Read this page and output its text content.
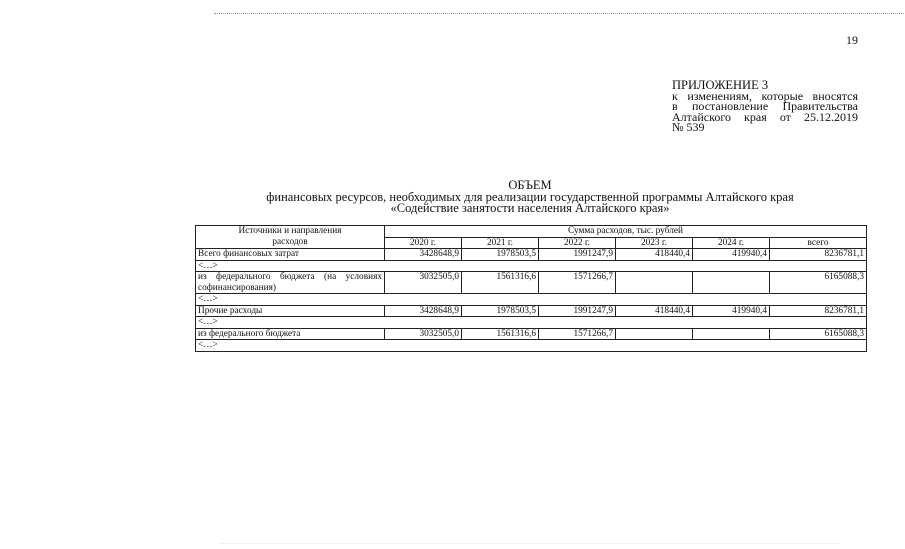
19
ПРИЛОЖЕНИЕ 3
к изменениям, которые вносятся
в постановление Правительства
Алтайского края от 25.12.2019
№ 539
ОБЪЕМ
финансовых ресурсов, необходимых для реализации государственной программы Алтайского края
«Содействие занятости населения Алтайского края»
Источники и направления
расходов	Сумма расходов, тыс. рублей					
	2020 г.	2021 г.	2022 г.	2023 г.	2024 г.	всего
Всего финансовых затрат	3428648,9	1978503,5	1991247,9	418440,4	419940,4	8236781,1
<…>						

из федерального бюджета (на условиях
софинансирования)	3032505,0	1561316,6	1571266,7			6165088,3
<…>						
Прочие расходы	3428648,9	1978503,5	1991247,9	418440,4	419940,4	8236781,1
<…>						
из федерального бюджета	3032505,0	1561316,6	1571266,7			6165088,3
<…>						
